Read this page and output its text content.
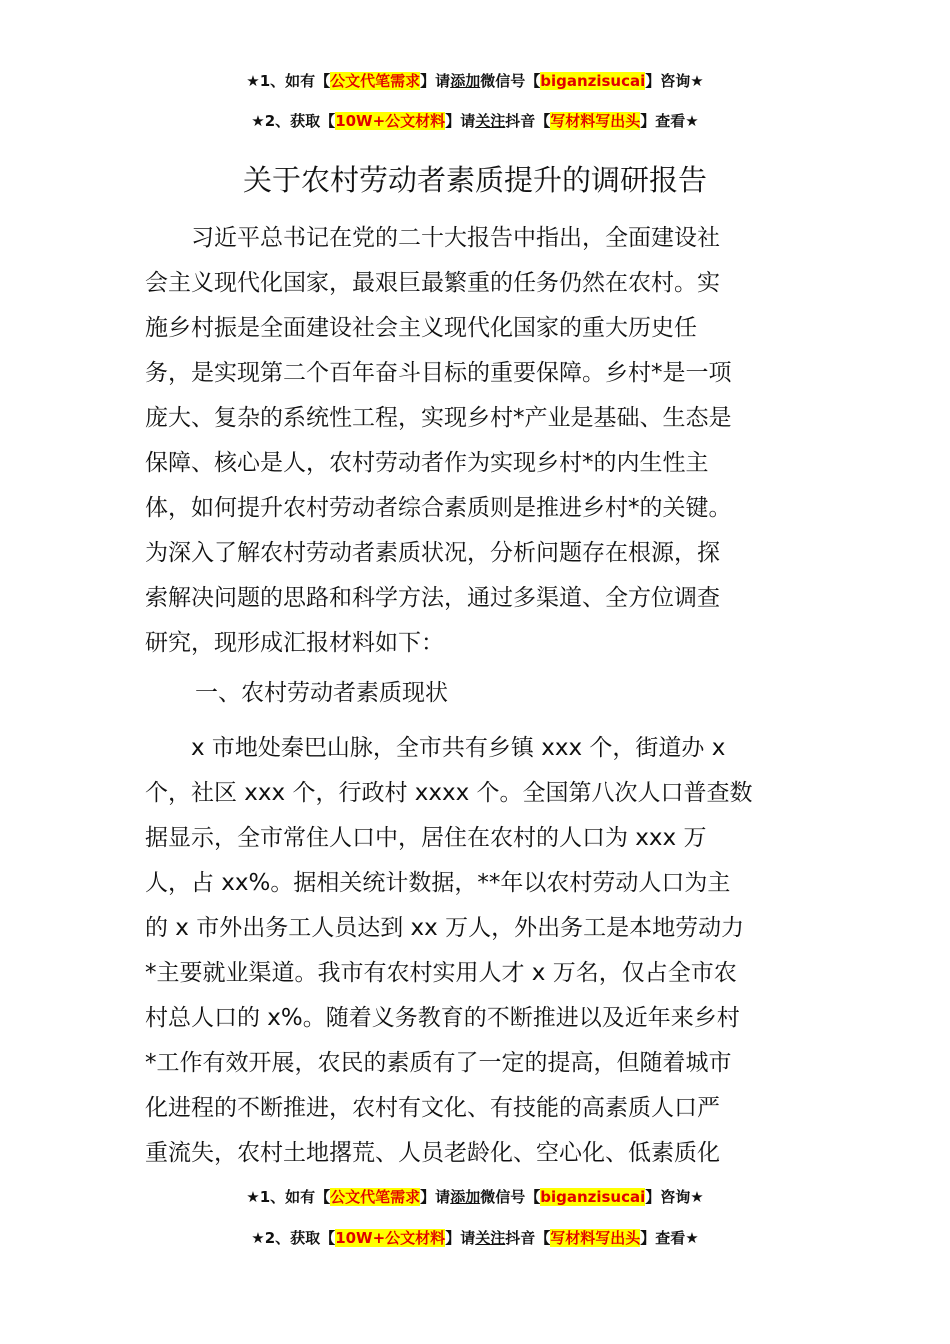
★1、如有【公文代笔需求】请添加微信号【biganzisucai】咨询★
★2、获取【10W+公文材料】请关注抖音【写材料写出头】查看★
关于农村劳动者素质提升的调研报告
　　习近平总书记在党的二十大报告中指出，全面建设社
会主义现代化国家，最艰巨最繁重的任务仍然在农村。实
施乡村振是全面建设社会主义现代化国家的重大历史任
务，是实现第二个百年奋斗目标的重要保障。乡村*是一项
庞大、复杂的系统性工程，实现乡村*产业是基础、生态是
保障、核心是人，农村劳动者作为实现乡村*的内生性主
体，如何提升农村劳动者综合素质则是推进乡村*的关键。
为深入了解农村劳动者素质状况，分析问题存在根源，探
索解决问题的思路和科学方法，通过多渠道、全方位调查
研究，现形成汇报材料如下：
一、农村劳动者素质现状
　　x 市地处秦巴山脉，全市共有乡镇 xxx 个，街道办 x
个，社区 xxx 个，行政村 xxxx 个。全国第八次人口普查数
据显示，全市常住人口中，居住在农村的人口为 xxx 万
人，占 xx%。据相关统计数据，**年以农村劳动人口为主
的 x 市外出务工人员达到 xx 万人，外出务工是本地劳动力
*主要就业渠道。我市有农村实用人才 x 万名，仅占全市农
村总人口的 x%。随着义务教育的不断推进以及近年来乡村
*工作有效开展，农民的素质有了一定的提高，但随着城市
化进程的不断推进，农村有文化、有技能的高素质人口严
重流失，农村土地撂荒、人员老龄化、空心化、低素质化
★1、如有【公文代笔需求】请添加微信号【biganzisucai】咨询★
★2、获取【10W+公文材料】请关注抖音【写材料写出头】查看★
